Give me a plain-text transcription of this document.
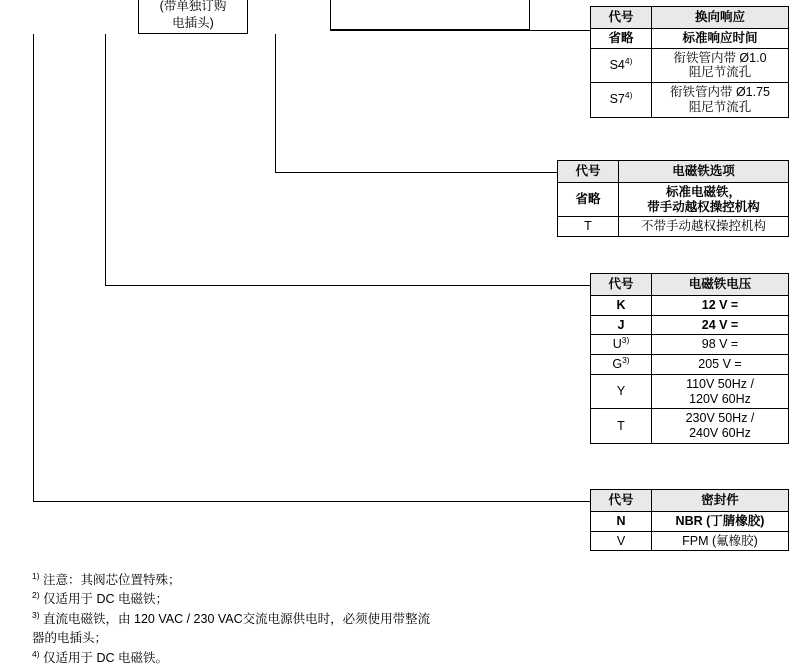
(带单独订购
电插头)	代号	换向响应
省略	标准响应时间
S4$^{4)}$	衔铁管内带 Ø1.0
阻尼节流孔
S7$^{4)}$	衔铁管内带 Ø1.75
阻尼节流孔
代号	电磁铁选项
省略	标准电磁铁，
带手动越权操控机构
T	不带手动越权操控机构
代号	电磁铁电压
K	12 V =
J	24 V =
$U^{3)}$	98 V =
$G^{3)}$	205 V =
Y	110V 50Hz /
120V 60Hz
T	230V 50Hz /
240V 60Hz
代号	密封件
N	NBR (丁腈橡胶)
V	FPM (氟橡胶)
$^{1)}$ 注意：其阀芯位置特殊；
$^{2)}$ 仅适用于 DC 电磁铁；
$^{3)}$ 直流电磁铁，由 120 VAC / 230 VAC交流电源供电时，必须使用带整流
器的电插头；
$^{4)}$ 仅适用于 DC 电磁铁。
